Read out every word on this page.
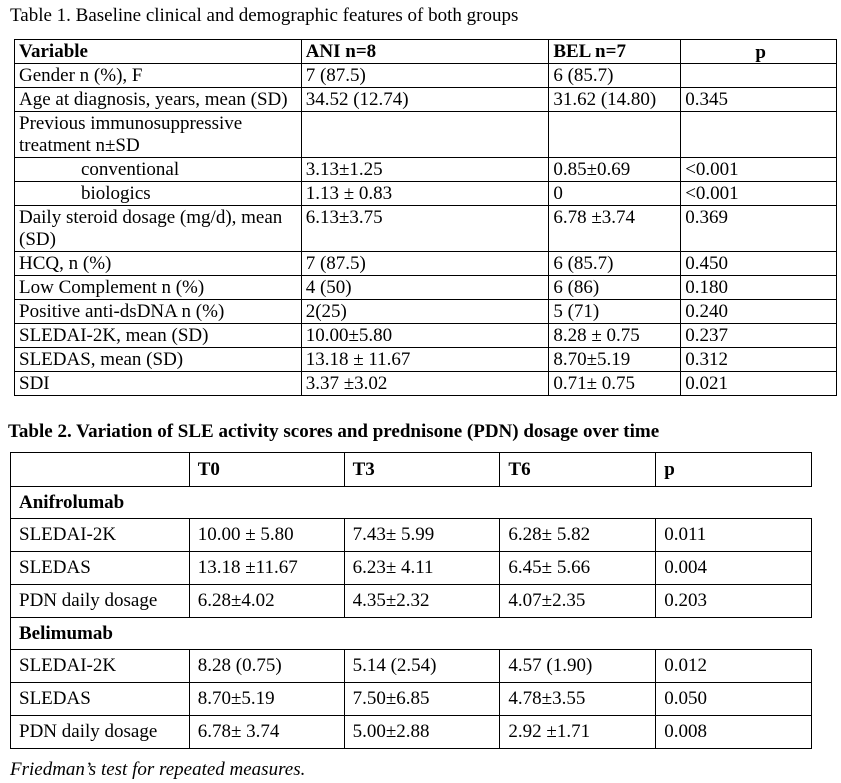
Table 1. Baseline clinical and demographic features of both groups
Variable	ANI n=8	BEL n=7	p
Gender n (%), F	7 (87.5)	6 (85.7)	
Age at diagnosis, years, mean (SD)	34.52 (12.74)	31.62 (14.80)	0.345
Previous immunosuppressive treatment n±SD			
conventional	3.13±1.25	0.85±0.69	<0.001
biologics	1.13 ± 0.83	0	<0.001
Daily steroid dosage (mg/d), mean (SD)	6.13±3.75	6.78 ±3.74	0.369
HCQ, n (%)	7 (87.5)	6 (85.7)	0.450
Low Complement n (%)	4 (50)	6 (86)	0.180
Positive anti-dsDNA n (%)	2(25)	5 (71)	0.240
SLEDAI-2K, mean (SD)	10.00±5.80	8.28 ± 0.75	0.237
SLEDAS, mean (SD)	13.18 ± 11.67	8.70±5.19	0.312
SDI	3.37 ±3.02	0.71± 0.75	0.021
Table 2. Variation of SLE activity scores and prednisone (PDN) dosage over time
	T0	T3	T6	p
Anifrolumab				
SLEDAI-2K	10.00 ± 5.80	7.43± 5.99	6.28± 5.82	0.011
SLEDAS	13.18 ±11.67	6.23± 4.11	6.45± 5.66	0.004
PDN daily dosage	6.28±4.02	4.35±2.32	4.07±2.35	0.203
Belimumab				
SLEDAI-2K	8.28 (0.75)	5.14 (2.54)	4.57 (1.90)	0.012
SLEDAS	8.70±5.19	7.50±6.85	4.78±3.55	0.050
PDN daily dosage	6.78± 3.74	5.00±2.88	2.92 ±1.71	0.008
Friedman’s test for repeated measures.
